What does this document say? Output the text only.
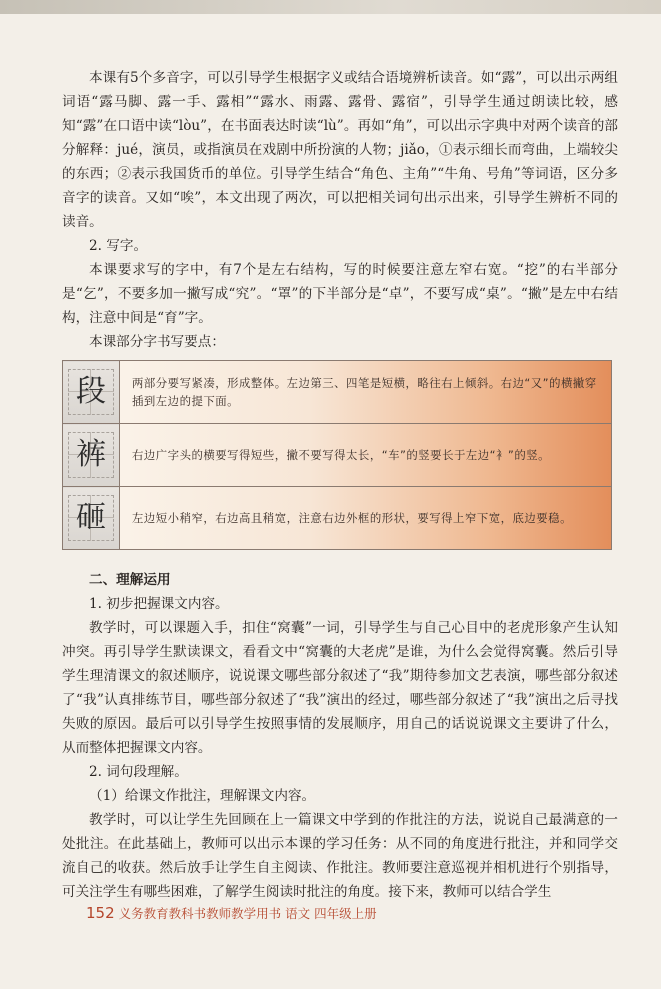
本课有5个多音字，可以引导学生根据字义或结合语境辨析读音。如“露”，可以出示两组词语“露马脚、露一手、露相”“露水、雨露、露骨、露宿”，引导学生通过朗读比较，感知“露”在口语中读“lòu”，在书面表达时读“lù”。再如“角”，可以出示字典中对两个读音的部分解释：jué，演员，或指演员在戏剧中所扮演的人物；jiǎo，①表示细长而弯曲，上端较尖的东西；②表示我国货币的单位。引导学生结合“角色、主角”“牛角、号角”等词语，区分多音字的读音。又如“唉”，本文出现了两次，可以把相关词句出示出来，引导学生辨析不同的读音。

2. 写字。

本课要求写的字中，有7个是左右结构，写的时候要注意左窄右宽。“挖”的右半部分是“乞”，不要多加一撇写成“究”。“罩”的下半部分是“卓”，不要写成“桌”。“撇”是左中右结构，注意中间是“育”字。

本课部分字书写要点：

段	两部分要写紧凑，形成整体。左边第三、四笔是短横，略往右上倾斜。右边“又”的横撇穿插到左边的提下面。
裤	右边广字头的横要写得短些，撇不要写得太长，“车”的竖要长于左边“衤”的竖。
砸	左边短小稍窄，右边高且稍宽，注意右边外框的形状，要写得上窄下宽，底边要稳。

二、理解运用

1. 初步把握课文内容。

教学时，可以课题入手，扣住“窝囊”一词，引导学生与自己心目中的老虎形象产生认知冲突。再引导学生默读课文，看看文中“窝囊的大老虎”是谁，为什么会觉得窝囊。然后引导学生理清课文的叙述顺序，说说课文哪些部分叙述了“我”期待参加文艺表演，哪些部分叙述了“我”认真排练节目，哪些部分叙述了“我”演出的经过，哪些部分叙述了“我”演出之后寻找失败的原因。最后可以引导学生按照事情的发展顺序，用自己的话说说课文主要讲了什么，从而整体把握课文内容。

2. 词句段理解。

（1）给课文作批注，理解课文内容。

教学时，可以让学生先回顾在上一篇课文中学到的作批注的方法，说说自己最满意的一处批注。在此基础上，教师可以出示本课的学习任务：从不同的角度进行批注，并和同学交流自己的收获。然后放手让学生自主阅读、作批注。教师要注意巡视并相机进行个别指导，可关注学生有哪些困难，了解学生阅读时批注的角度。接下来，教师可以结合学生

152 义务教育教科书教师教学用书 语文 四年级上册
